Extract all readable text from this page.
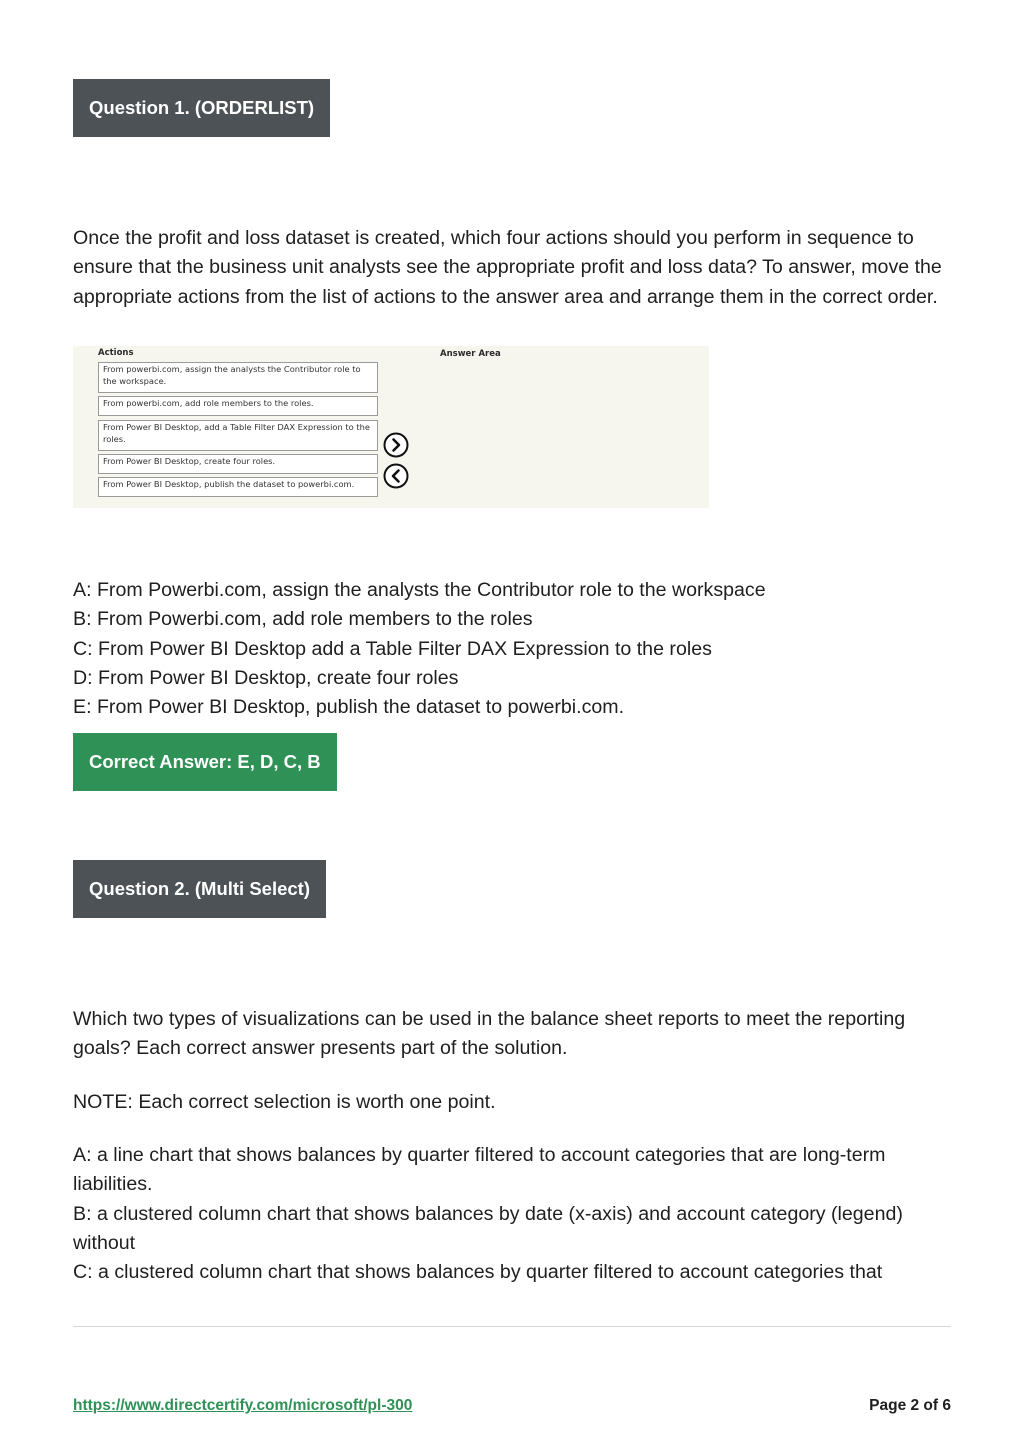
Question 1. (ORDERLIST)

Once the profit and loss dataset is created, which four actions should you perform in sequence to ensure that the business unit analysts see the appropriate profit and loss data? To answer, move the appropriate actions from the list of actions to the answer area and arrange them in the correct order.

Actions	Answer Area
From powerbi.com, assign the analysts the Contributor role to the workspace.
From powerbi.com, add role members to the roles.
From Power BI Desktop, add a Table Filter DAX Expression to the roles.
From Power BI Desktop, create four roles.
From Power BI Desktop, publish the dataset to powerbi.com.
A: From Powerbi.com, assign the analysts the Contributor role to the workspace
B: From Powerbi.com, add role members to the roles
C: From Power BI Desktop add a Table Filter DAX Expression to the roles
D: From Power BI Desktop, create four roles
E: From Power BI Desktop, publish the dataset to powerbi.com.
Correct Answer: E, D, C, B
Question 2. (Multi Select)

Which two types of visualizations can be used in the balance sheet reports to meet the reporting goals? Each correct answer presents part of the solution.

NOTE: Each correct selection is worth one point.

A: a line chart that shows balances by quarter filtered to account categories that are long-term liabilities.
B: a clustered column chart that shows balances by date (x-axis) and account category (legend) without
C: a clustered column chart that shows balances by quarter filtered to account categories that
https://www.directcertify.com/microsoft/pl-300	Page 2 of 6
